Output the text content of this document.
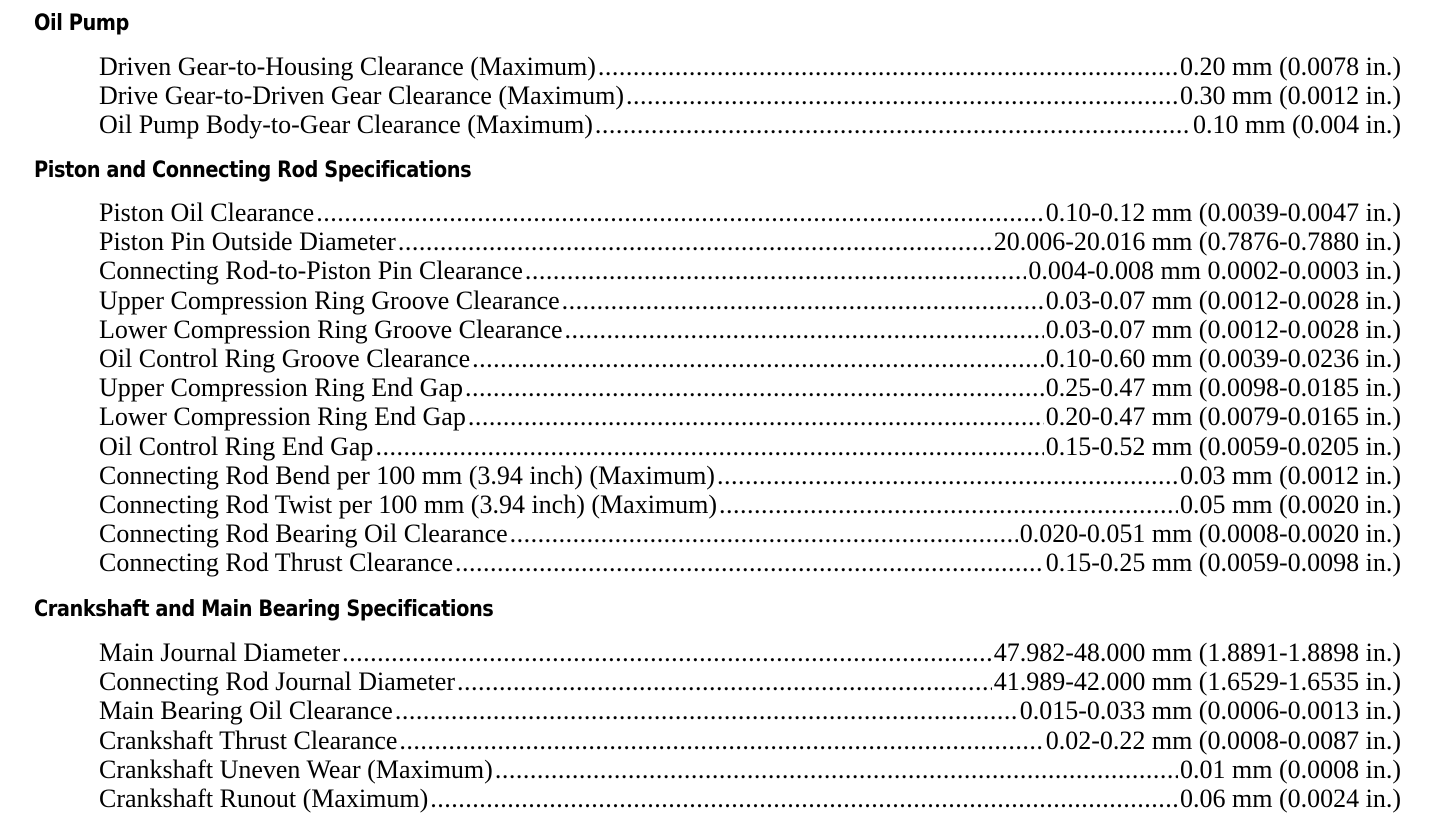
Oil Pump
Driven Gear-to-Housing Clearance (Maximum) .....	0.20 mm (0.0078 in.)
Drive Gear-to-Driven Gear Clearance (Maximum) .....	0.30 mm (0.0012 in.)
Oil Pump Body-to-Gear Clearance (Maximum) .....	0.10 mm (0.004 in.)
Piston and Connecting Rod Specifications
Piston Oil Clearance .....	0.10-0.12 mm (0.0039-0.0047 in.)
Piston Pin Outside Diameter .....	20.006-20.016 mm (0.7876-0.7880 in.)
Connecting Rod-to-Piston Pin Clearance .....	0.004-0.008 mm 0.0002-0.0003 in.)
Upper Compression Ring Groove Clearance .....	0.03-0.07 mm (0.0012-0.0028 in.)
Lower Compression Ring Groove Clearance .....	0.03-0.07 mm (0.0012-0.0028 in.)
Oil Control Ring Groove Clearance .....	0.10-0.60 mm (0.0039-0.0236 in.)
Upper Compression Ring End Gap .....	0.25-0.47 mm (0.0098-0.0185 in.)
Lower Compression Ring End Gap .....	0.20-0.47 mm (0.0079-0.0165 in.)
Oil Control Ring End Gap .....	0.15-0.52 mm (0.0059-0.0205 in.)
Connecting Rod Bend per 100 mm (3.94 inch) (Maximum) .....	0.03 mm (0.0012 in.)
Connecting Rod Twist per 100 mm (3.94 inch) (Maximum) .....	0.05 mm (0.0020 in.)
Connecting Rod Bearing Oil Clearance .....	0.020-0.051 mm (0.0008-0.0020 in.)
Connecting Rod Thrust Clearance .....	0.15-0.25 mm (0.0059-0.0098 in.)
Crankshaft and Main Bearing Specifications
Main Journal Diameter .....	47.982-48.000 mm (1.8891-1.8898 in.)
Connecting Rod Journal Diameter .....	41.989-42.000 mm (1.6529-1.6535 in.)
Main Bearing Oil Clearance .....	0.015-0.033 mm (0.0006-0.0013 in.)
Crankshaft Thrust Clearance .....	0.02-0.22 mm (0.0008-0.0087 in.)
Crankshaft Uneven Wear (Maximum) .....	0.01 mm (0.0008 in.)
Crankshaft Runout (Maximum) .....	0.06 mm (0.0024 in.)
